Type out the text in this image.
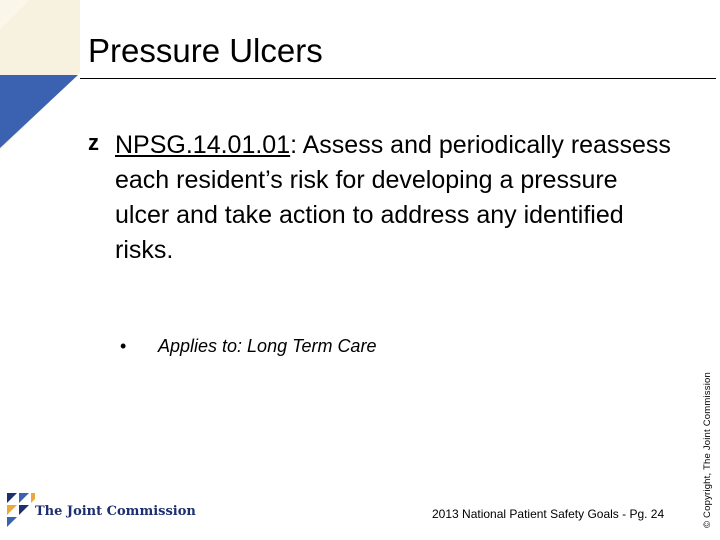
Pressure Ulcers
z NPSG.14.01.01: Assess and periodically reassess each resident’s risk for developing a pressure ulcer and take action to address any identified risks.

• Applies to: Long Term Care
© Copyright, The Joint Commission
The Joint Commission	2013 National Patient Safety Goals - Pg. 24
